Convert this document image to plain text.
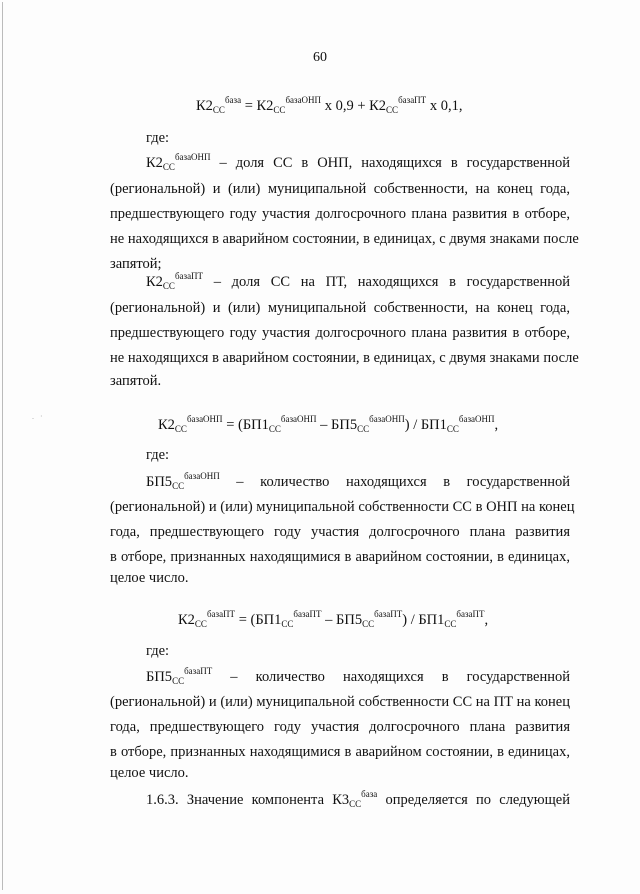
. ·
60
$К2_{СС}^{база} = К2_{СС}^{базаОНП}$ х $0,9 + К2_{СС}^{базаПТ}$ х 0,1,
где:
$К2_{СС}^{базаОНП}$ – доля СС в ОНП, находящихся в государственной
(региональной) и (или) муниципальной собственности, на конец года,
предшествующего году участия долгосрочного плана развития в отборе,
не находящихся в аварийном состоянии, в единицах, с двумя знаками после
запятой;
$К2_{СС}^{базаПТ}$ – доля СС на ПТ, находящихся в государственной
(региональной) и (или) муниципальной собственности, на конец года,
предшествующего году участия долгосрочного плана развития в отборе,
не находящихся в аварийном состоянии, в единицах, с двумя знаками после
запятой.
$К2_{СС}^{базаОНП} = (БП1_{СС}^{базаОНП} - БП5_{СС}^{базаОНП}) / БП1_{СС}^{базаОНП}$,
где:
$БП5_{СС}^{базаОНП}$ – количество находящихся в государственной
(региональной) и (или) муниципальной собственности СС в ОНП на конец
года, предшествующего году участия долгосрочного плана развития
в отборе, признанных находящимися в аварийном состоянии, в единицах,
целое число.
$К2_{СС}^{базаПТ} = (БП1_{СС}^{базаПТ} - БП5_{СС}^{базаПТ}) / БП1_{СС}^{базаПТ}$,
где:
$БП5_{СС}^{базаПТ}$ – количество находящихся в государственной
(региональной) и (или) муниципальной собственности СС на ПТ на конец
года, предшествующего году участия долгосрочного плана развития
в отборе, признанных находящимися в аварийном состоянии, в единицах,
целое число.
1.6.3. Значение компонента $К3_{СС}^{база}$ определяется по следующей
